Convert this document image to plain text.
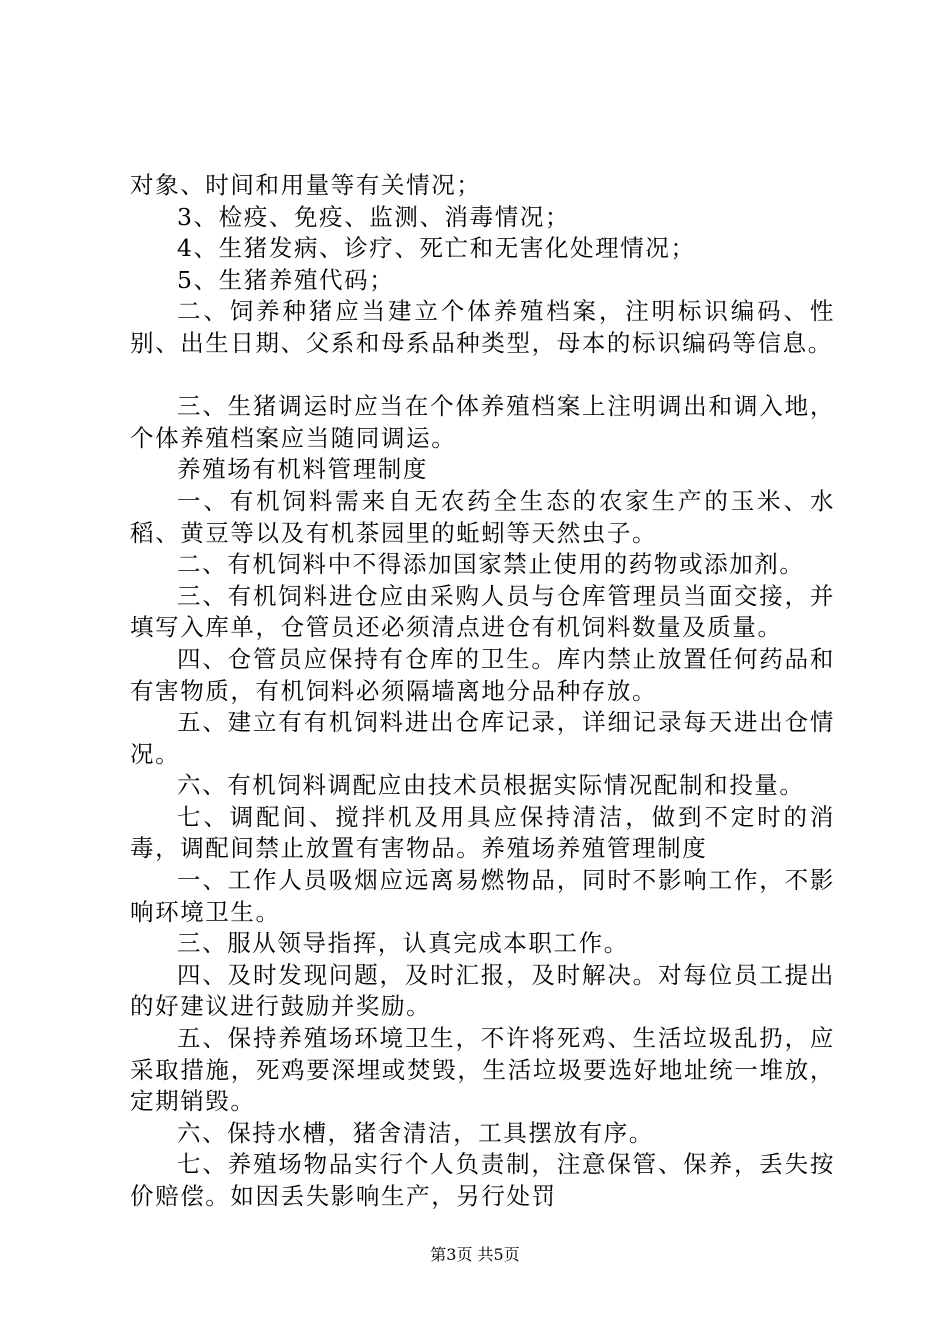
对象、时间和用量等有关情况；

3、检疫、免疫、监测、消毒情况；

4、生猪发病、诊疗、死亡和无害化处理情况；

5、生猪养殖代码；

二、饲养种猪应当建立个体养殖档案，注明标识编码、性别、出生日期、父系和母系品种类型，母本的标识编码等信息。

三、生猪调运时应当在个体养殖档案上注明调出和调入地，个体养殖档案应当随同调运。

养殖场有机料管理制度

一、有机饲料需来自无农药全生态的农家生产的玉米、水稻、黄豆等以及有机茶园里的蚯蚓等天然虫子。

二、有机饲料中不得添加国家禁止使用的药物或添加剂。

三、有机饲料进仓应由采购人员与仓库管理员当面交接，并填写入库单，仓管员还必须清点进仓有机饲料数量及质量。

四、仓管员应保持有仓库的卫生。库内禁止放置任何药品和有害物质，有机饲料必须隔墙离地分品种存放。

五、建立有有机饲料进出仓库记录，详细记录每天进出仓情况。

六、有机饲料调配应由技术员根据实际情况配制和投量。

七、调配间、搅拌机及用具应保持清洁，做到不定时的消毒，调配间禁止放置有害物品。养殖场养殖管理制度

一、工作人员吸烟应远离易燃物品，同时不影响工作，不影响环境卫生。

三、服从领导指挥，认真完成本职工作。

四、及时发现问题，及时汇报，及时解决。对每位员工提出的好建议进行鼓励并奖励。

五、保持养殖场环境卫生，不许将死鸡、生活垃圾乱扔，应采取措施，死鸡要深埋或焚毁，生活垃圾要选好地址统一堆放，定期销毁。

六、保持水槽，猪舍清洁，工具摆放有序。

七、养殖场物品实行个人负责制，注意保管、保养，丢失按价赔偿。如因丢失影响生产，另行处罚

第3页 共5页
